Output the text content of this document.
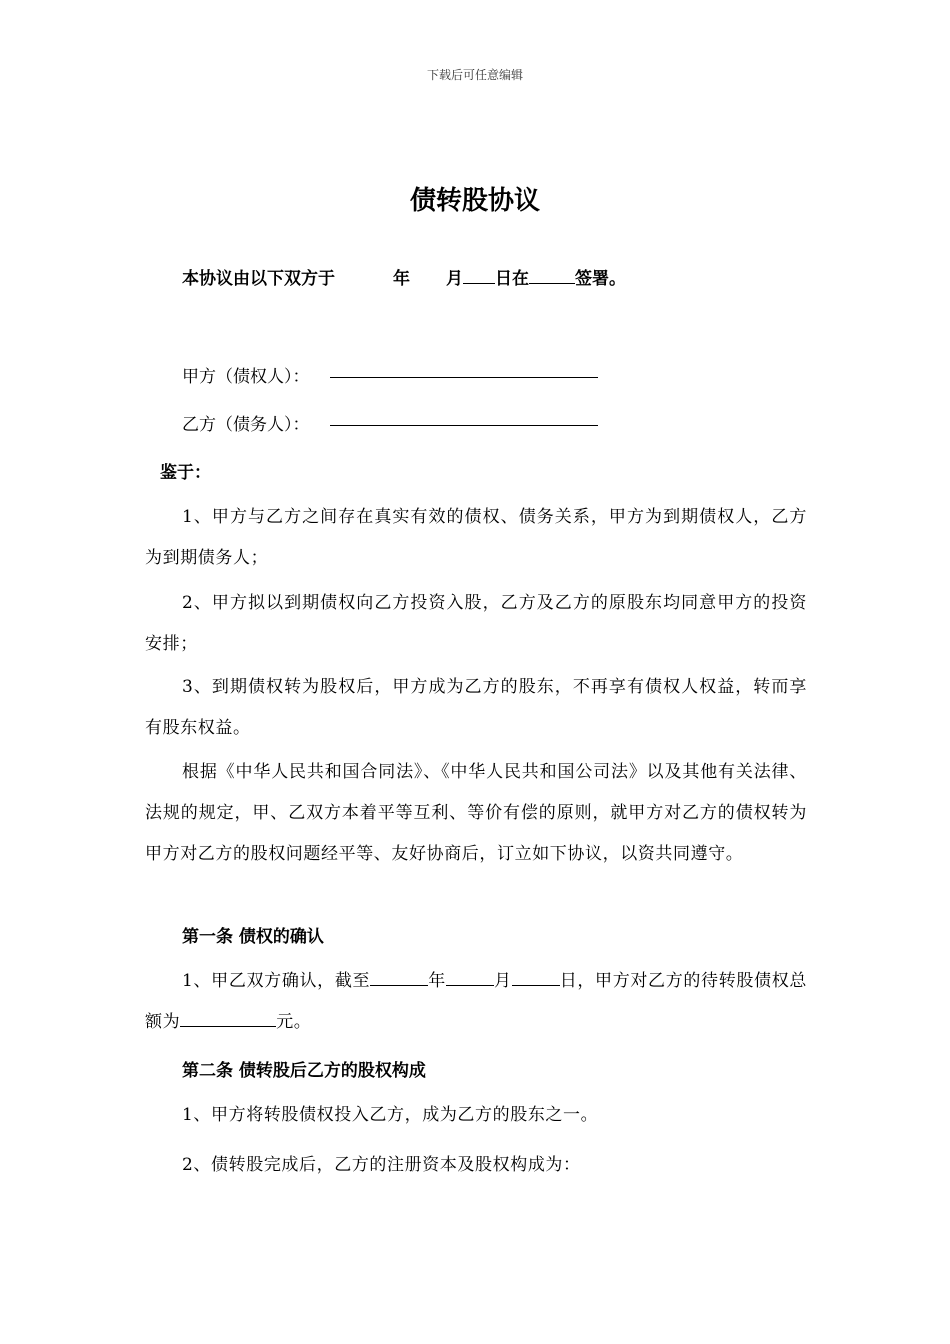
下载后可任意编辑
债转股协议
本协议由以下双方于	年 月 日在	签署。
甲方（债权人）：
乙方（债务人）：
鉴于：
1、甲方与乙方之间存在真实有效的债权、债务关系，甲方为到期债权人，乙方为到期债务人；
2、甲方拟以到期债权向乙方投资入股，乙方及乙方的原股东均同意甲方的投资安排；
3、到期债权转为股权后，甲方成为乙方的股东，不再享有债权人权益，转而享有股东权益。
根据《中华人民共和国合同法》、《中华人民共和国公司法》以及其他有关法律、法规的规定，甲、乙双方本着平等互利、等价有偿的原则，就甲方对乙方的债权转为甲方对乙方的股权问题经平等、友好协商后，订立如下协议，以资共同遵守。
第一条 债权的确认
1、甲乙双方确认，截至	年	月	日，甲方对乙方的待转股债权总额为	元。
第二条 债转股后乙方的股权构成
1、甲方将转股债权投入乙方，成为乙方的股东之一。
2、债转股完成后，乙方的注册资本及股权构成为：
